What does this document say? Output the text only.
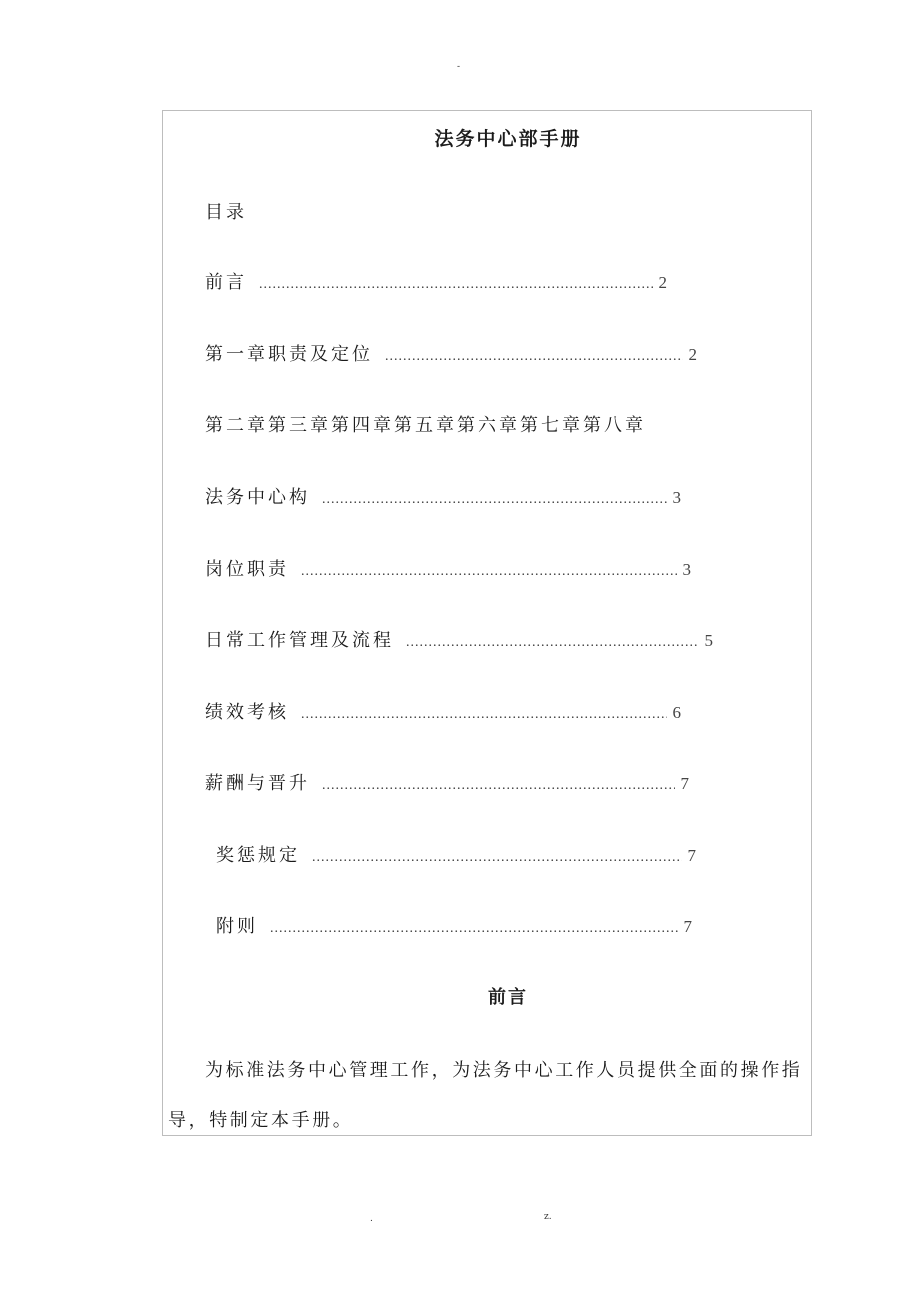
-
法务中心部手册
目录
前言 .....	2
第一章职责及定位 .....	2
第二章第三章第四章第五章第六章第七章第八章
法务中心构 .....	3
岗位职责 .....	3
日常工作管理及流程 .....	5
绩效考核 .....	6
薪酬与晋升 .....	7
奖惩规定 .....	7
附则 .....	7
前言
为标准法务中心管理工作，为法务中心工作人员提供全面的操作指导，特制定本手册。
.	z.
